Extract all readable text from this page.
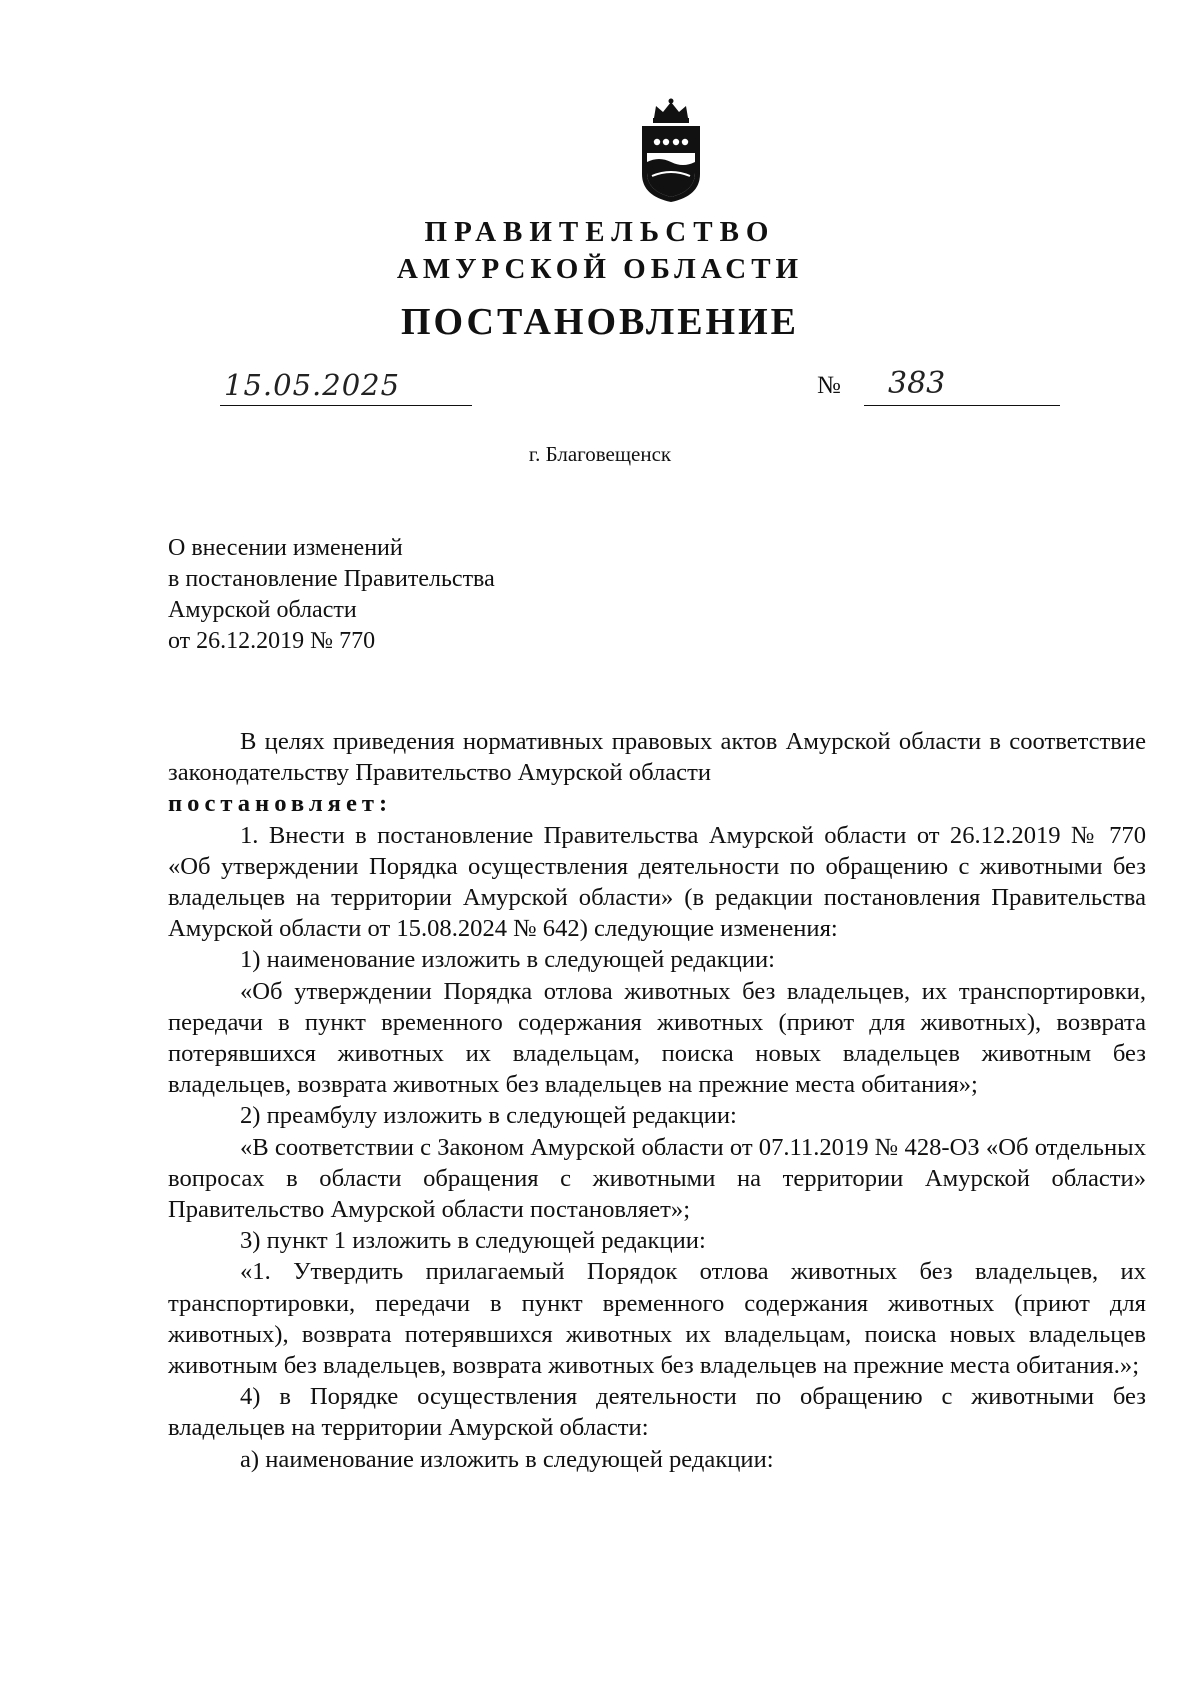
ПРАВИТЕЛЬСТВО
АМУРСКОЙ ОБЛАСТИ
ПОСТАНОВЛЕНИЕ
15.05.2025	№ 383
г. Благовещенск
О внесении изменений
в постановление Правительства
Амурской области
от 26.12.2019 № 770

В целях приведения нормативных правовых актов Амурской области в соответствие законодательству Правительство Амурской области

постановляет:

1. Внести в постановление Правительства Амурской области от 26.12.2019 № 770 «Об утверждении Порядка осуществления деятельности по обращению с животными без владельцев на территории Амурской области» (в редакции постановления Правительства Амурской области от 15.08.2024 № 642) следующие изменения:

1) наименование изложить в следующей редакции:

«Об утверждении Порядка отлова животных без владельцев, их транспортировки, передачи в пункт временного содержания животных (приют для животных), возврата потерявшихся животных их владельцам, поиска новых владельцев животным без владельцев, возврата животных без владельцев на прежние места обитания»;

2) преамбулу изложить в следующей редакции:

«В соответствии с Законом Амурской области от 07.11.2019 № 428-ОЗ «Об отдельных вопросах в области обращения с животными на территории Амурской области» Правительство Амурской области постановляет»;

3) пункт 1 изложить в следующей редакции:

«1. Утвердить прилагаемый Порядок отлова животных без владельцев, их транспортировки, передачи в пункт временного содержания животных (приют для животных), возврата потерявшихся животных их владельцам, поиска новых владельцев животным без владельцев, возврата животных без владельцев на прежние места обитания.»;

4) в Порядке осуществления деятельности по обращению с животными без владельцев на территории Амурской области:

а) наименование изложить в следующей редакции:
